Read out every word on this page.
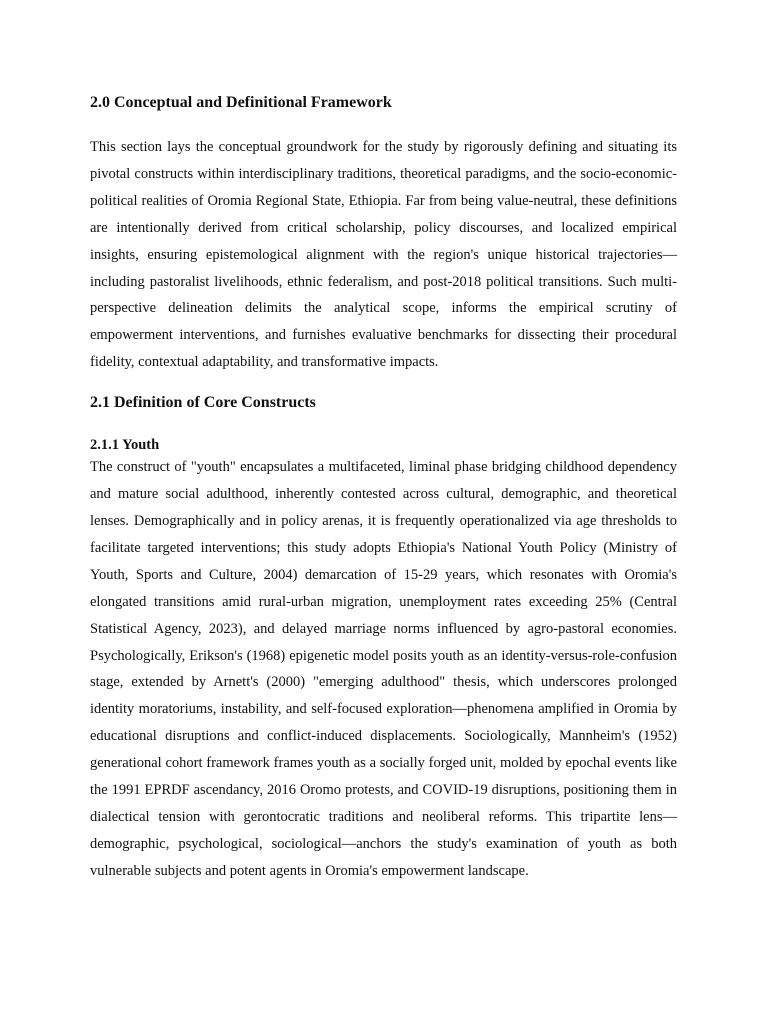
2.0 Conceptual and Definitional Framework

This section lays the conceptual groundwork for the study by rigorously defining and situating its pivotal constructs within interdisciplinary traditions, theoretical paradigms, and the socio-economic-political realities of Oromia Regional State, Ethiopia. Far from being value-neutral, these definitions are intentionally derived from critical scholarship, policy discourses, and localized empirical insights, ensuring epistemological alignment with the region's unique historical trajectories—including pastoralist livelihoods, ethnic federalism, and post-2018 political transitions. Such multi-perspective delineation delimits the analytical scope, informs the empirical scrutiny of empowerment interventions, and furnishes evaluative benchmarks for dissecting their procedural fidelity, contextual adaptability, and transformative impacts.

2.1 Definition of Core Constructs
2.1.1 Youth

The construct of "youth" encapsulates a multifaceted, liminal phase bridging childhood dependency and mature social adulthood, inherently contested across cultural, demographic, and theoretical lenses. Demographically and in policy arenas, it is frequently operationalized via age thresholds to facilitate targeted interventions; this study adopts Ethiopia's National Youth Policy (Ministry of Youth, Sports and Culture, 2004) demarcation of 15-29 years, which resonates with Oromia's elongated transitions amid rural-urban migration, unemployment rates exceeding 25% (Central Statistical Agency, 2023), and delayed marriage norms influenced by agro-pastoral economies. Psychologically, Erikson's (1968) epigenetic model posits youth as an identity-versus-role-confusion stage, extended by Arnett's (2000) "emerging adulthood" thesis, which underscores prolonged identity moratoriums, instability, and self-focused exploration—phenomena amplified in Oromia by educational disruptions and conflict-induced displacements. Sociologically, Mannheim's (1952) generational cohort framework frames youth as a socially forged unit, molded by epochal events like the 1991 EPRDF ascendancy, 2016 Oromo protests, and COVID-19 disruptions, positioning them in dialectical tension with gerontocratic traditions and neoliberal reforms. This tripartite lens—demographic, psychological, sociological—anchors the study's examination of youth as both vulnerable subjects and potent agents in Oromia's empowerment landscape.
